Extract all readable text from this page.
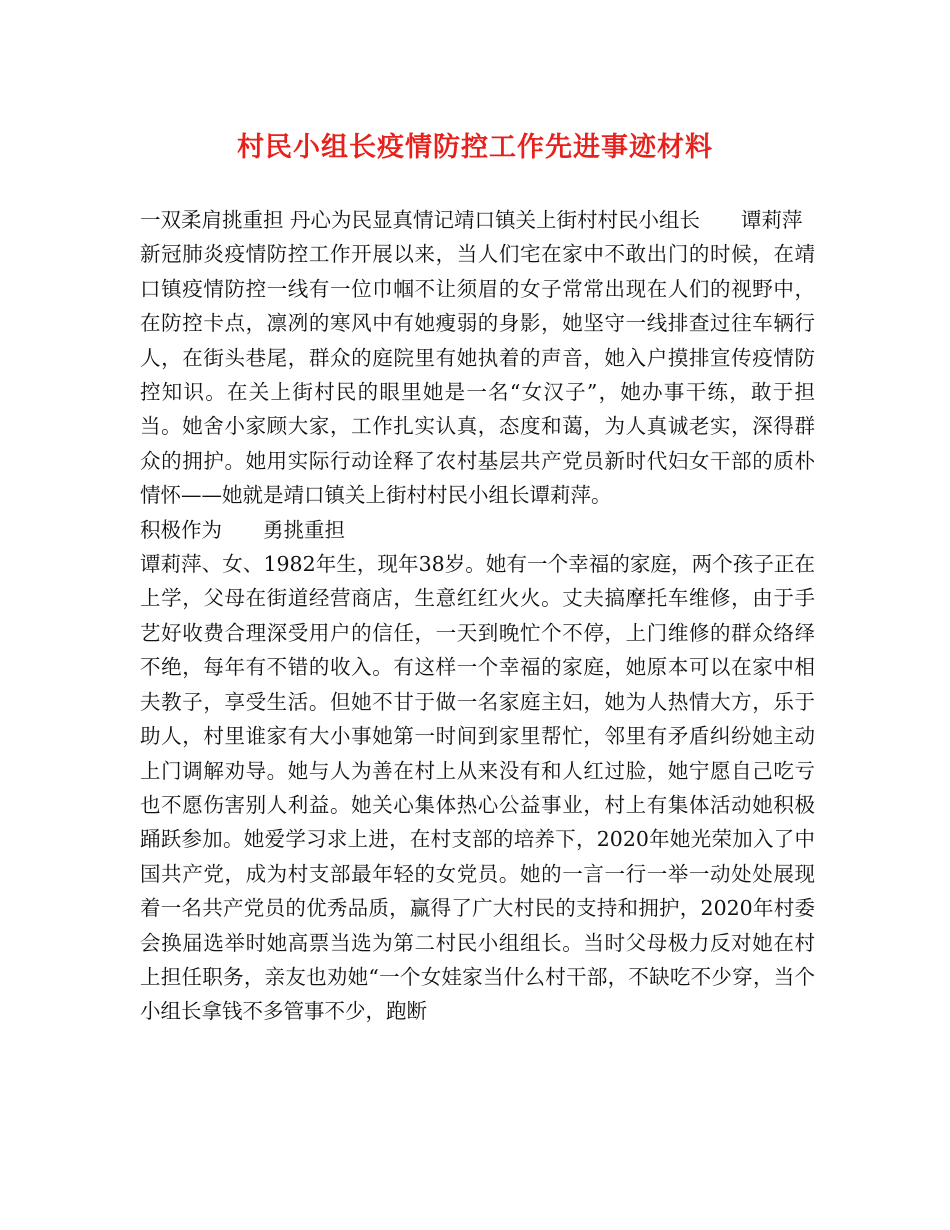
村民小组长疫情防控工作先进事迹材料

一双柔肩挑重担 丹心为民显真情记靖口镇关上街村村民小组长　　谭莉萍

新冠肺炎疫情防控工作开展以来，当人们宅在家中不敢出门的时候，在靖口镇疫情防控一线有一位巾帼不让须眉的女子常常出现在人们的视野中，在防控卡点，凛冽的寒风中有她瘦弱的身影，她坚守一线排查过往车辆行人，在街头巷尾，群众的庭院里有她执着的声音，她入户摸排宣传疫情防控知识。在关上街村民的眼里她是一名“女汉子”，她办事干练，敢于担当。她舍小家顾大家，工作扎实认真，态度和蔼，为人真诚老实，深得群众的拥护。她用实际行动诠释了农村基层共产党员新时代妇女干部的质朴情怀——她就是靖口镇关上街村村民小组长谭莉萍。

积极作为　　勇挑重担

谭莉萍、女、1982年生，现年38岁。她有一个幸福的家庭，两个孩子正在上学，父母在街道经营商店，生意红红火火。丈夫搞摩托车维修，由于手艺好收费合理深受用户的信任，一天到晚忙个不停，上门维修的群众络绎不绝，每年有不错的收入。有这样一个幸福的家庭，她原本可以在家中相夫教子，享受生活。但她不甘于做一名家庭主妇，她为人热情大方，乐于助人，村里谁家有大小事她第一时间到家里帮忙，邻里有矛盾纠纷她主动上门调解劝导。她与人为善在村上从来没有和人红过脸，她宁愿自己吃亏也不愿伤害别人利益。她关心集体热心公益事业，村上有集体活动她积极踊跃参加。她爱学习求上进，在村支部的培养下，2020年她光荣加入了中国共产党，成为村支部最年轻的女党员。她的一言一行一举一动处处展现着一名共产党员的优秀品质，赢得了广大村民的支持和拥护，2020年村委会换届选举时她高票当选为第二村民小组组长。当时父母极力反对她在村上担任职务，亲友也劝她“一个女娃家当什么村干部，不缺吃不少穿，当个小组长拿钱不多管事不少，跑断
